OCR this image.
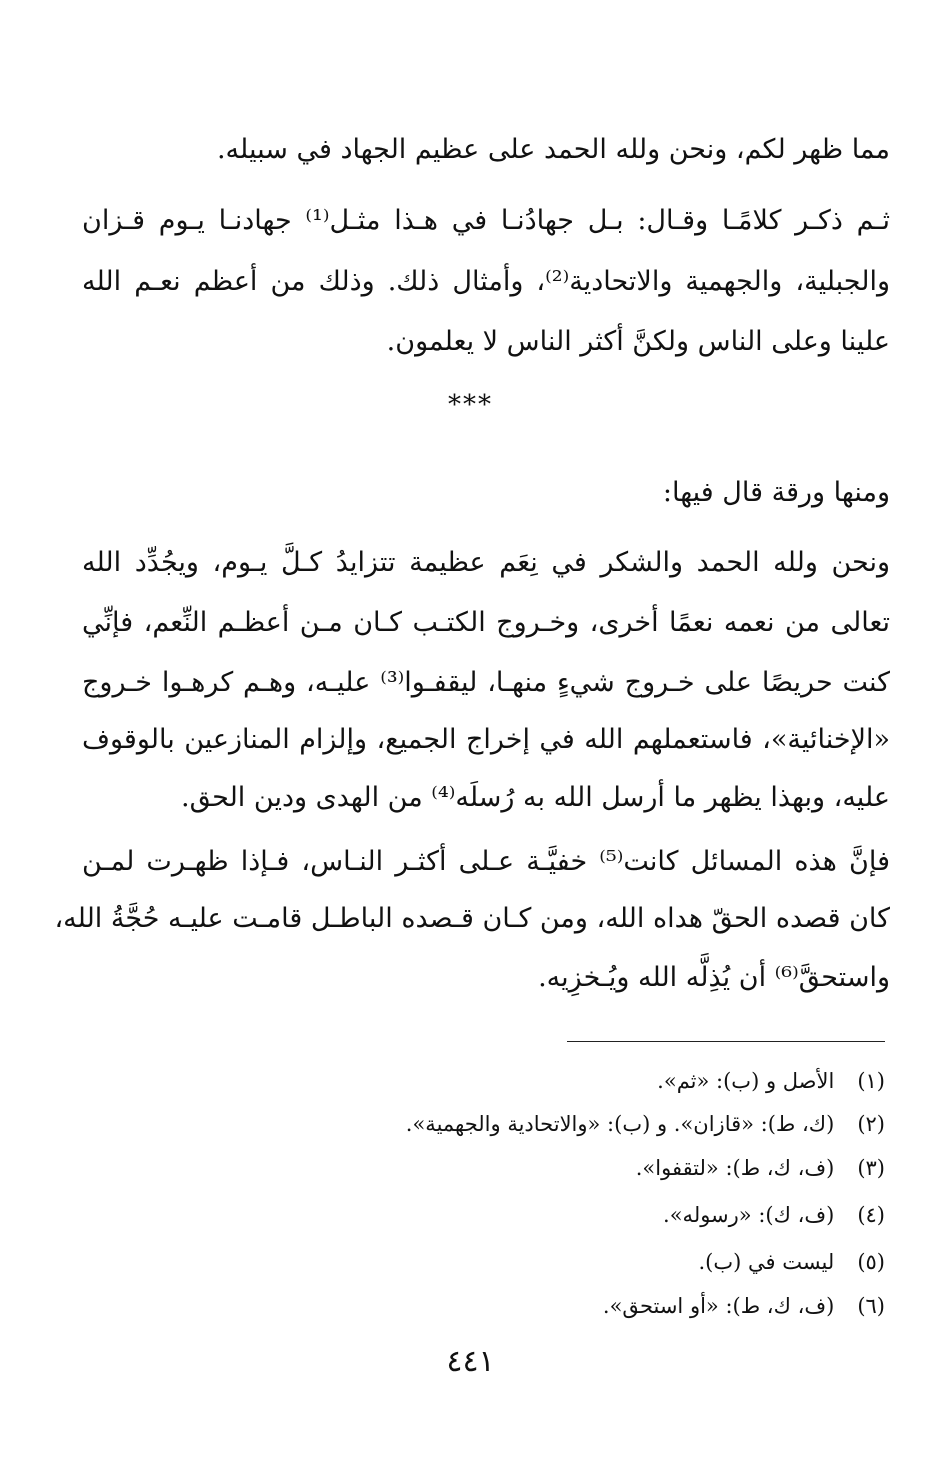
مما ظهر لكم، ونحن ولله الحمد على عظيم الجهاد في سبيله.
ثـم ذكـر كلامًـا وقـال: بـل جهادُنـا في هـذا مثـل⁽¹⁾ جهادنـا يـوم قـزان
والجبلية، والجهمية والاتحادية⁽²⁾، وأمثال ذلك. وذلك من أعظم نعـم الله
علينا وعلى الناس ولكنَّ أكثر الناس لا يعلمون.
ومنها ورقة قال فيها:
ونحن ولله الحمد والشكر في نِعَم عظيمة تتزايدُ كـلَّ يـوم، ويجُدِّد الله
تعالى من نعمه نعمًا أخرى، وخـروج الكتـب كـان مـن أعظـم النِّعم، فإنِّي
كنت حريصًا على خـروج شيءٍ منهـا، ليقفـوا⁽³⁾ عليـه، وهـم كرهـوا خـروج
«الإخنائية»، فاستعملهم الله في إخراج الجميع، وإلزام المنازعين بالوقوف
عليه، وبهذا يظهر ما أرسل الله به رُسلَه⁽⁴⁾ من الهدى ودين الحق.
فإنَّ هذه المسائل كانت⁽⁵⁾ خفيَّـة عـلى أكثـر النـاس، فـإذا ظهـرت لمـن
كان قصده الحقّ هداه الله، ومن كـان قـصده الباطـل قامـت عليـه حُجَّةُ الله،
واستحقَّ⁽⁶⁾ أن يُذِلَّه الله ويُـخزِيه.
***
(١) الأصل و (ب): «ثم».
(٢) (ك، ط): «قازان». و (ب): «والاتحادية والجهمية».
(٣) (ف، ك، ط): «لتقفوا».
(٤) (ف، ك): «رسوله».
(٥) ليست في (ب).
(٦) (ف، ك، ط): «أو استحق».
٤٤١
